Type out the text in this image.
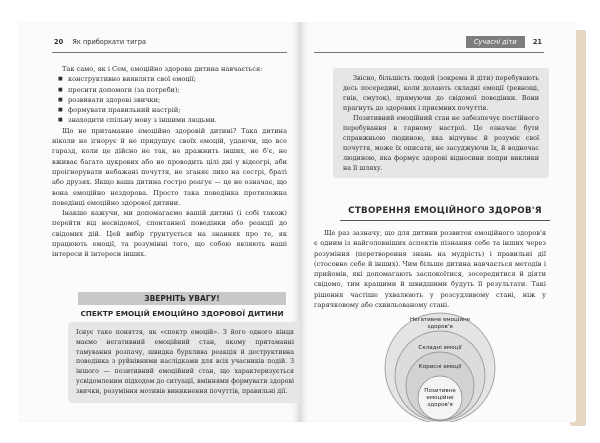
20 Як приборкати тигра

Так само, як і Сем, емоційно здорова дитина навчається:

■ конструктивно виявляти свої емоції;
■ просити допомоги (за потреби);
■ розвивати здорові звички;
■ формувати правильний настрій;
■ знаходити спільну мову з іншими людьми.

Що не притаманне емоційно здоровій дитині? Така дитина ніколи не ігнорує й не придушує своїх емоцій, удаючи, що все гаразд, коли це дійсно не так, не дражнить інших, не б'є, не вживає багато цукрових або не проводить цілі дні у відеогрі, аби проігнорувати небажані почуття, не зганяє лихо на сестрі, браті або друзях. Якщо ваша дитина гостро реагує — це не означає, що вона емоційно нездорова. Просто така поведінка протилежна поведінці емоційно здорової дитини.

Інакше кажучи, ми допомагаємо вашій дитині (і собі також) перейти від несвідомої, спонтанної поведінки або реакції до свідомих дій. Цей вибір ґрунтується на знаннях про те, як працюють емоції, та розумінні того, що собою являють наші інтереси й інтереси інших.

ЗВЕРНІТЬ УВАГУ!
СПЕКТР ЕМОЦІЙ ЕМОЦІЙНО ЗДОРОВОЇ ДИТИНИ
Існує таке поняття, як «спектр емоцій». З його одного кінця маємо негативний емоційний стан, якому притаманні тамування розпачу, швидка бурхлива реакція й деструктивна поведінка з руйнівними наслідками для всіх учасників подій. З іншого — позитивний емоційний стан, що характеризується усвідомленим підходом до ситуації, вміннями формувати здорові звички, розуміння мотивів виникнення почуттів, правильні дії.
Сучасні діти 21

Звісно, більшість людей (зокрема й діти) перебувають десь посередині, коли долають складні емоції (ревнощі, гнів, смуток), прямуючи до свідомої поведінки. Вони прагнуть до здорових і приємних почуттів.

Позитивний емоційний стан не забезпечує постійного перебування в гарному настрої. Це означає бути справжньою людиною, яка відчуває й розуміє свої почуття, може їх описати, не засуджуючи їх, й водночас людиною, яка формує здорові відносини попри виклики на її шляху.

СТВОРЕННЯ ЕМОЦІЙНОГО ЗДОРОВ'Я

Ще раз зазначу, що для дитини розвиток емоційного здоров'я є одним із найголовніших аспектів пізнання себе та інших через розуміння (перетворення знань на мудрість) і правильні дії (стосовно себе й інших). Чим більше дитина навчається методів і прийомів, які допомагають заспокоїтися, зосередитися й діяти свідомо, тим кращими й швидшими будуть її результати. Такі рішення частіше ухвалюють у розсудливому стані, ніж у гарячковому або схвильованому стані.

Негативне емоційне здоров'я
Складні емоції
Корисні емоції
Позитивне емоційне здоров'я
